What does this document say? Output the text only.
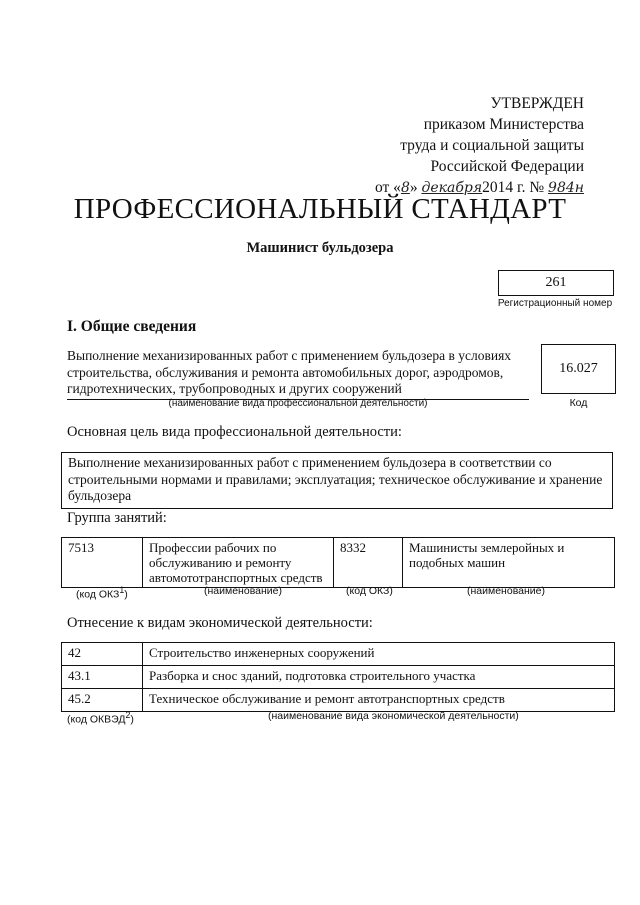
УТВЕРЖДЕН
приказом Министерства
труда и социальной защиты
Российской Федерации
от «8» декабря2014 г. № 984н
ПРОФЕССИОНАЛЬНЫЙ СТАНДАРТ
Машинист бульдозера
261
Регистрационный номер
I. Общие сведения
Выполнение механизированных работ с применением бульдозера в условиях строительства, обслуживания и ремонта автомобильных дорог, аэродромов, гидротехнических, трубопроводных и других сооружений
(наименование вида профессиональной деятельности)
16.027
Код
Основная цель вида профессиональной деятельности:
Выполнение механизированных работ с применением бульдозера в соответствии со строительными нормами и правилами; эксплуатация; техническое обслуживание и хранение бульдозера
Группа занятий:
7513	Профессии рабочих по обслуживанию и ремонту автомототранспортных средств	8332	Машинисты землеройных и подобных машин
(код ОКЗ$^1$)	(наименование)	(код ОКЗ)	(наименование)
Отнесение к видам экономической деятельности:
42	Строительство инженерных сооружений
43.1	Разборка и снос зданий, подготовка строительного участка
45.2	Техническое обслуживание и ремонт автотранспортных средств
(код ОКВЭД$^2$)	(наименование вида экономической деятельности)
